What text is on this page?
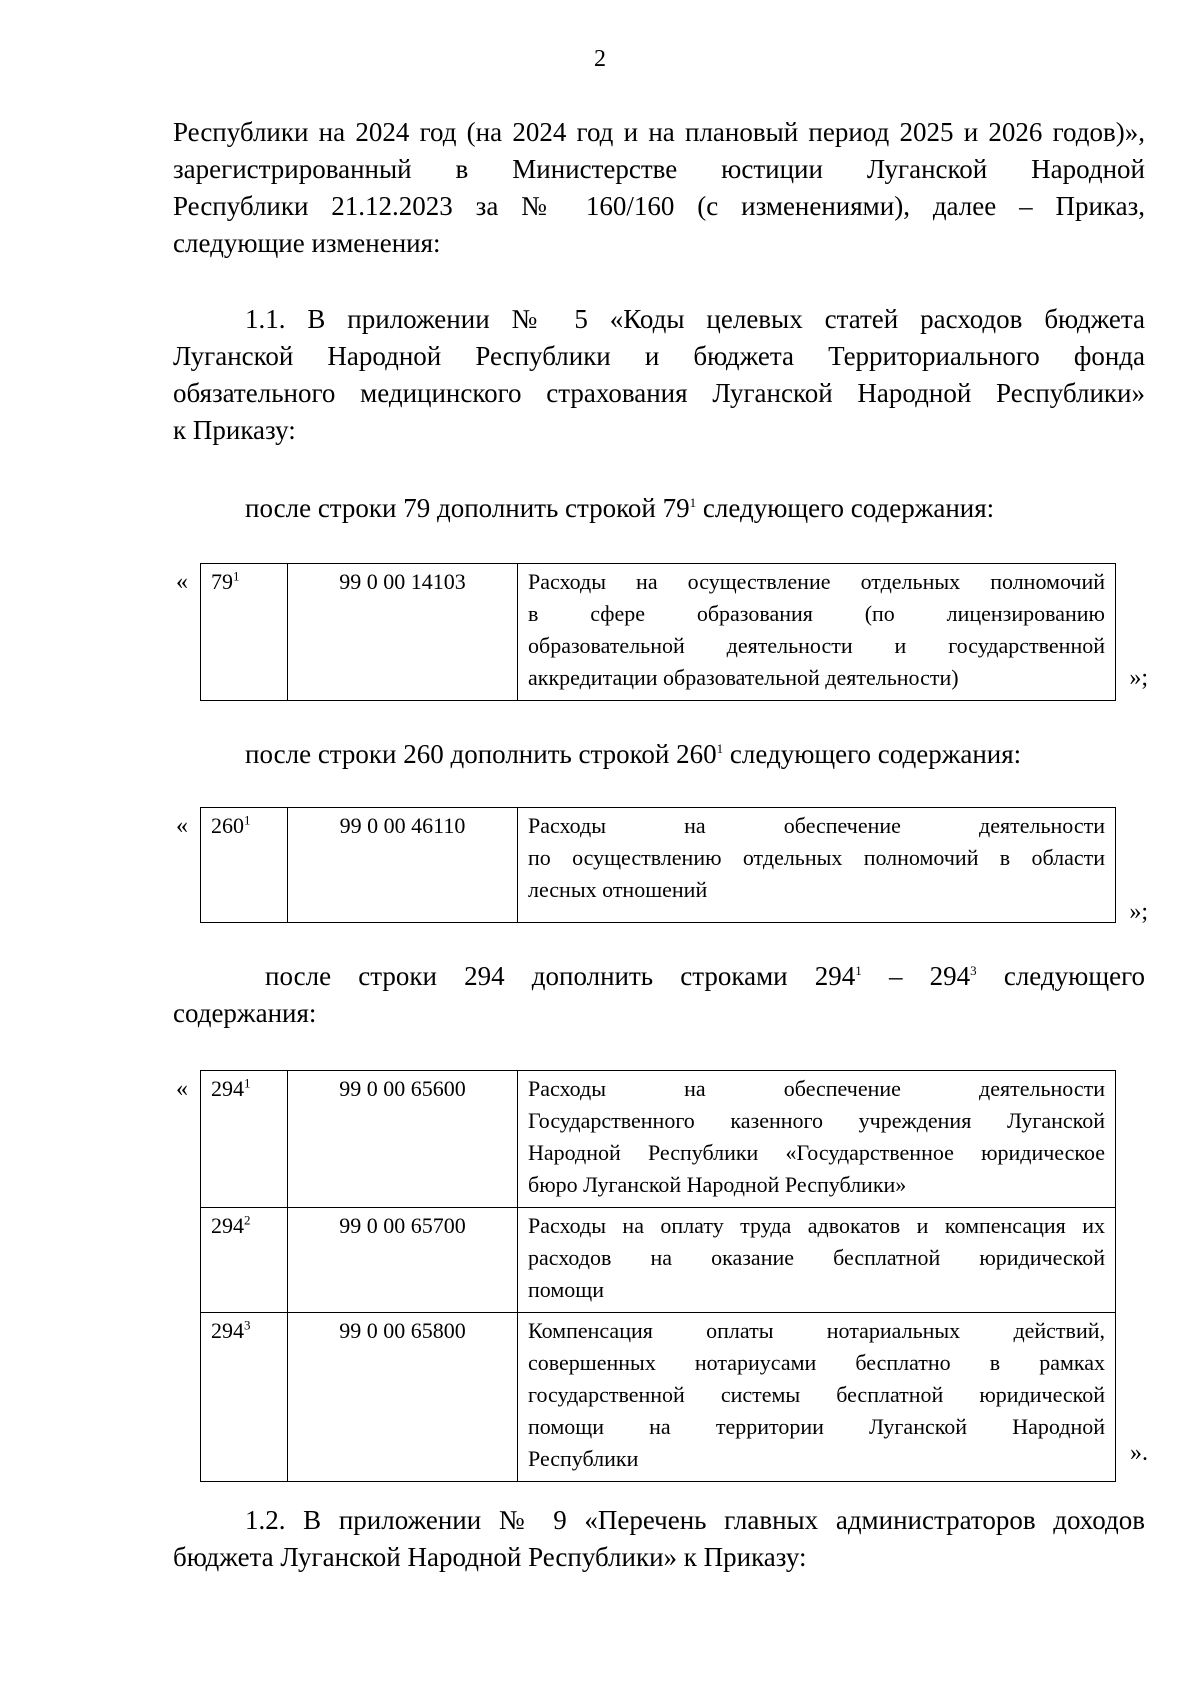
2
Республики на 2024 год (на 2024 год и на плановый период 2025 и 2026 годов)»,
зарегистрированный в Министерстве юстиции Луганской Народной
Республики 21.12.2023 за № 160/160 (с изменениями), далее – Приказ,
следующие изменения:
1.1. В приложении № 5 «Коды целевых статей расходов бюджета
Луганской Народной Республики и бюджета Территориального фонда
обязательного медицинского страхования Луганской Народной Республики»
к Приказу:
после строки 79 дополнить строкой $79^1$ следующего содержания:
« $79^1$	99 0 00 14103	Расходы на осуществление отдельных полномочий
в сфере образования (по лицензированию
образовательной деятельности и государственной
аккредитации образовательной деятельности)	»;
после строки 260 дополнить строкой $260^1$ следующего содержания:
« $260^1$	99 0 00 46110	Расходы на обеспечение деятельности
по осуществлению отдельных полномочий в области
лесных отношений
»;
после строки 294 дополнить строками $294^1 - 294^3$ следующего
содержания:
« $294^1$	99 0 00 65600	Расходы на обеспечение деятельности
Государственного казенного учреждения Луганской
Народной Республики «Государственное юридическое
бюро Луганской Народной Республики»

$294^2$	99 0 00 65700	Расходы на оплату труда адвокатов и компенсация их
расходов на оказание бесплатной юридической
помощи

$294^3$	99 0 00 65800	Компенсация оплаты нотариальных действий,
совершенных нотариусами бесплатно в рамках
государственной системы бесплатной юридической
помощи на территории Луганской Народной
Республики	».
1.2. В приложении № 9 «Перечень главных администраторов доходов
бюджета Луганской Народной Республики» к Приказу:
